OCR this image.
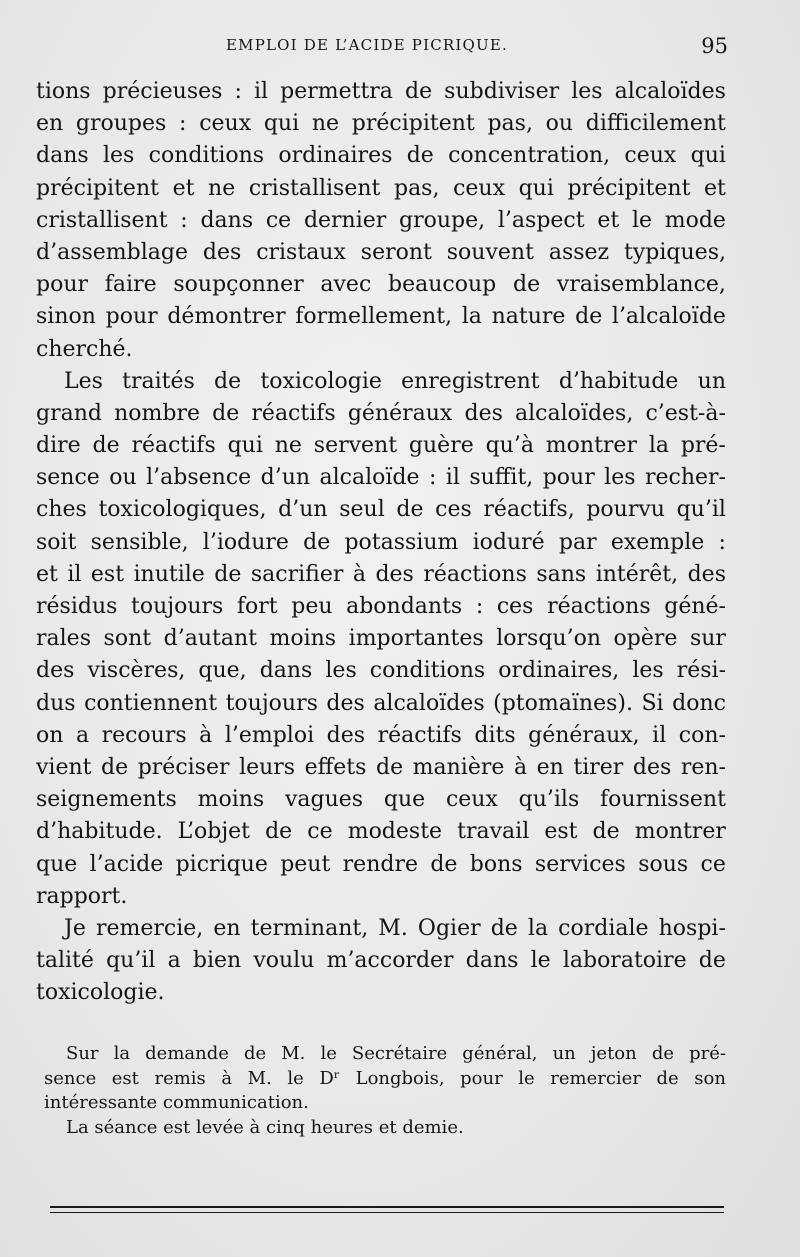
EMPLOI DE L’ACIDE PICRIQUE.	95
tions précieuses : il permettra de subdiviser les alcaloïdes
en groupes : ceux qui ne précipitent pas, ou difficilement
dans les conditions ordinaires de concentration, ceux qui
précipitent et ne cristallisent pas, ceux qui précipitent et
cristallisent : dans ce dernier groupe, l’aspect et le mode
d’assemblage des cristaux seront souvent assez typiques,
pour faire soupçonner avec beaucoup de vraisemblance,
sinon pour démontrer formellement, la nature de l’alcaloïde
cherché.
Les traités de toxicologie enregistrent d’habitude un
grand nombre de réactifs généraux des alcaloïdes, c’est-à-
dire de réactifs qui ne servent guère qu’à montrer la pré-
sence ou l’absence d’un alcaloïde : il suffit, pour les recher-
ches toxicologiques, d’un seul de ces réactifs, pourvu qu’il
soit sensible, l’iodure de potassium ioduré par exemple :
et il est inutile de sacrifier à des réactions sans intérêt, des
résidus toujours fort peu abondants : ces réactions géné-
rales sont d’autant moins importantes lorsqu’on opère sur
des viscères, que, dans les conditions ordinaires, les rési-
dus contiennent toujours des alcaloïdes (ptomaïnes). Si donc
on a recours à l’emploi des réactifs dits généraux, il con-
vient de préciser leurs effets de manière à en tirer des ren-
seignements moins vagues que ceux qu’ils fournissent
d’habitude. L’objet de ce modeste travail est de montrer
que l’acide picrique peut rendre de bons services sous ce
rapport.
Je remercie, en terminant, M. Ogier de la cordiale hospi-
talité qu’il a bien voulu m’accorder dans le laboratoire de
toxicologie.
Sur la demande de M. le Secrétaire général, un jeton de pré-
sence est remis à M. le Dʳ Longbois, pour le remercier de son
intéressante communication.
La séance est levée à cinq heures et demie.
